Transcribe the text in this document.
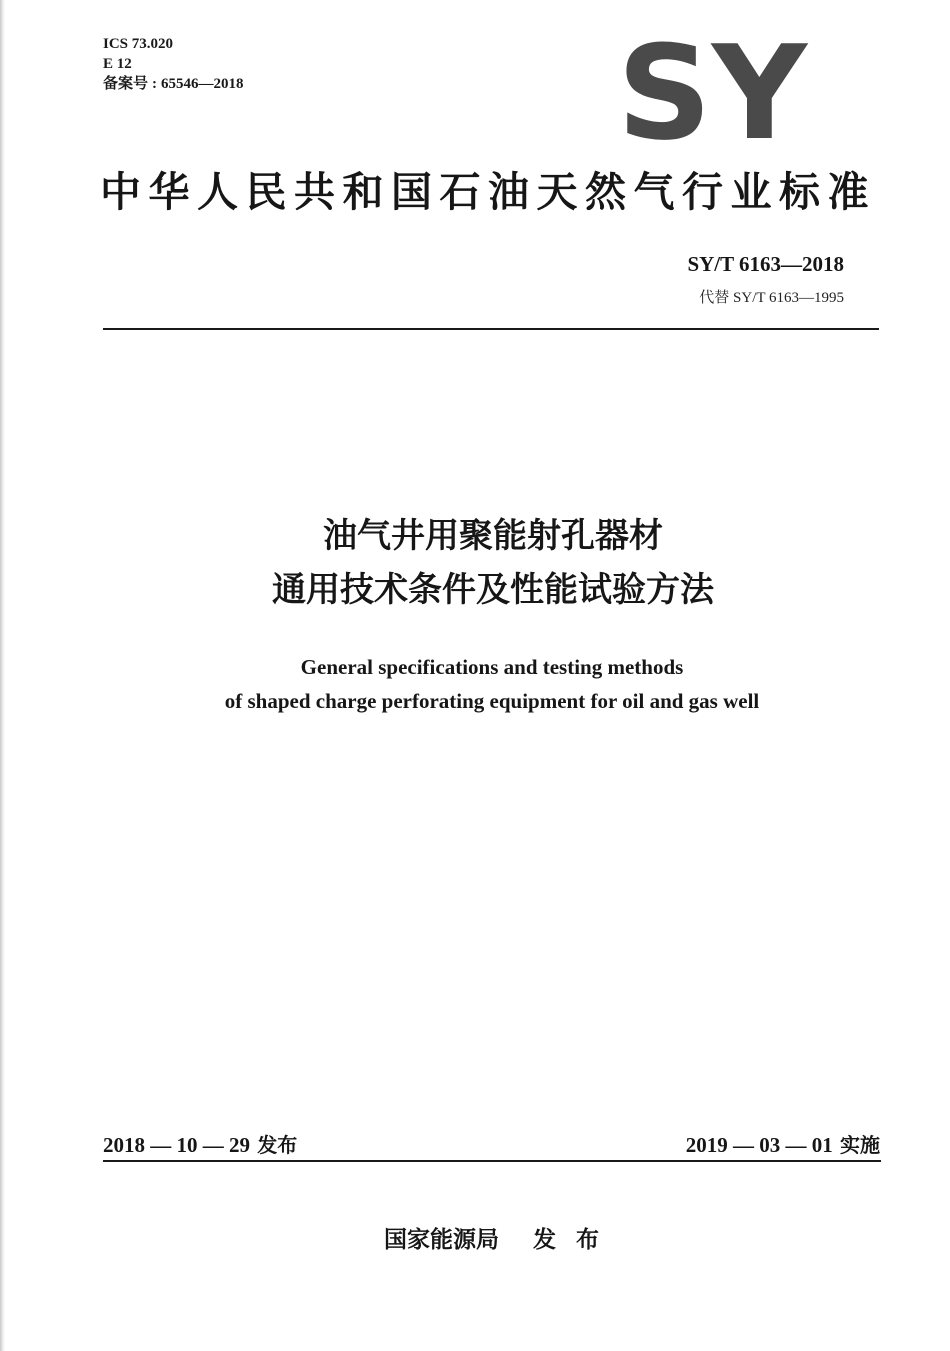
ICS 73.020
E 12
备案号 : 65546—2018	SY
中华人民共和国石油天然气行业标准
SY/T 6163—2018
代替 SY/T 6163—1995
油气井用聚能射孔器材
通用技术条件及性能试验方法
General specifications and testing methods
of shaped charge perforating equipment for oil and gas well
2018 — 10 — 29 发布	2019 — 03 — 01 实施
国家能源局 发 布
